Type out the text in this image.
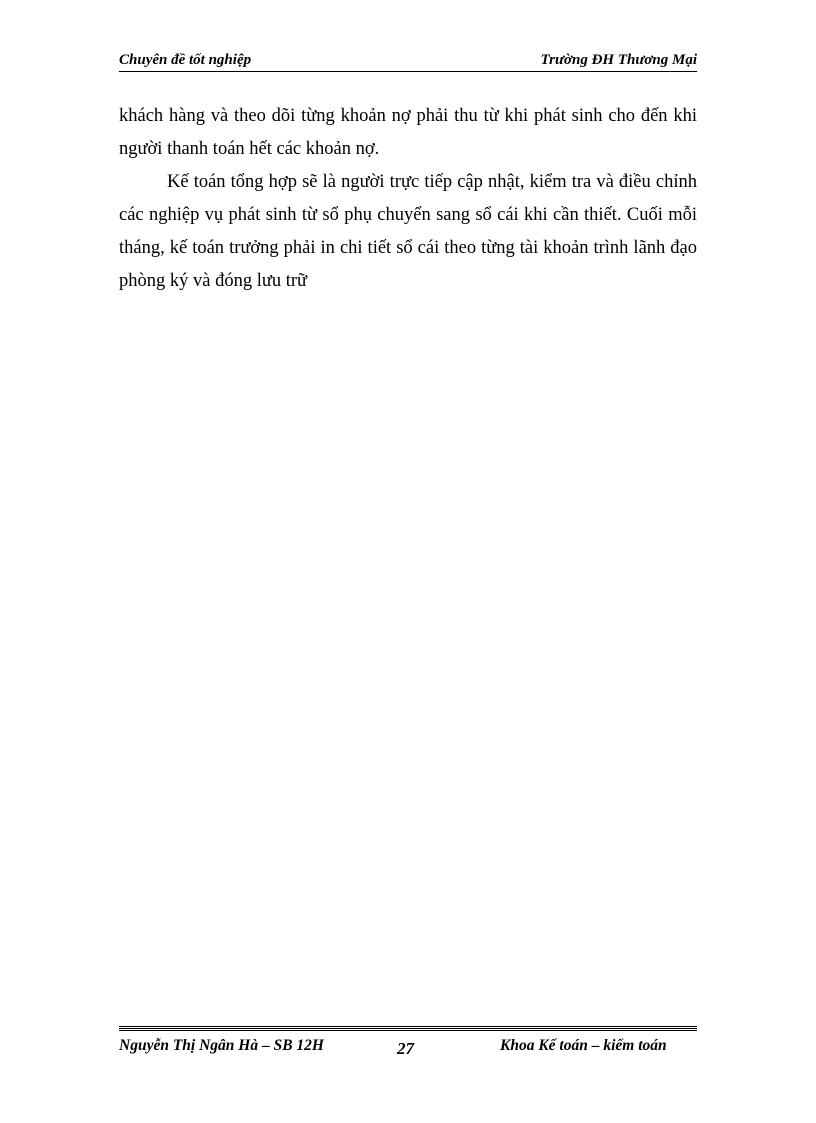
Chuyên đề tốt nghiệp	Trường ĐH Thương Mại

khách hàng và theo dõi từng khoản nợ phải thu từ khi phát sinh cho đến khi người thanh toán hết các khoản nợ.

Kế toán tổng hợp sẽ là người trực tiếp cập nhật, kiểm tra và điều chỉnh các nghiệp vụ phát sinh từ sổ phụ chuyển sang sổ cái khi cần thiết. Cuối mỗi tháng, kế toán trưởng phải in chi tiết sổ cái theo từng tài khoản trình lãnh đạo phòng ký và đóng lưu trữ

Nguyễn Thị Ngân Hà – SB 12H	27	Khoa Kế toán – kiểm toán
